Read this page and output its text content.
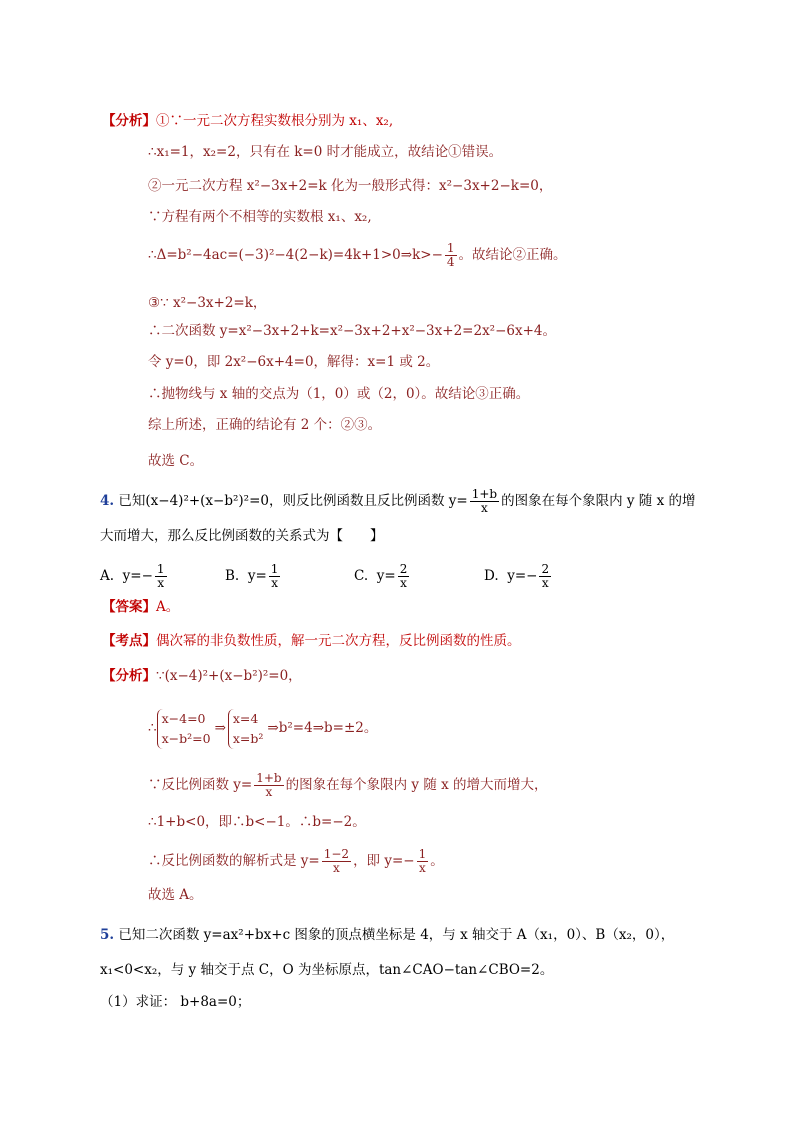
【分析】①∵一元二次方程实数根分别为 x₁、x₂,
∴x₁=1，x₂=2，只有在 k=0 时才能成立，故结论①错误。
②一元二次方程 x²−3x+2=k 化为一般形式得：x²−3x+2−k=0，
∵方程有两个不相等的实数根 x₁、x₂,
∴Δ=b²−4ac=(−3)²−4(2−k)=4k+1>0⇒k>− $\frac{1}{4}$ 。故结论②正确。
③∵ x²−3x+2=k，
∴二次函数 y=x²−3x+2+k=x²−3x+2+x²−3x+2=2x²−6x+4。
令 y=0，即 2x²−6x+4=0，解得：x=1 或 2。
∴抛物线与 x 轴的交点为（1，0）或（2，0）。故结论③正确。
综上所述，正确的结论有 2 个：②③。
故选 C。
4. 已知(x−4)²+(x−b²)²=0，则反比例函数且反比例函数 $y= \frac{1+b}{x}$ 的图象在每个象限内 y 随 x 的增
大而增大，那么反比例函数的关系式为【　　】
A. $y=- \frac{1}{x}$	B. $y= \frac{1}{x}$	C. $y= \frac{2}{x}$	D. $y=- \frac{2}{x}$
【答案】A。
【考点】偶次幂的非负数性质，解一元二次方程，反比例函数的性质。
【分析】∵(x−4)²+(x−b²)²=0，
∴
x−4=0
x−b²=0
⇒
x=4
x=b²
⇒b²=4⇒b=±2。
∵反比例函数 $y= \frac{1+b}{x}$ 的图象在每个象限内 y 随 x 的增大而增大，
∴1+b<0，即∴b<−1。∴b=−2。
∴反比例函数的解析式是 $y= \frac{1-2}{x}$ ，即 $y=- \frac{1}{x}$ 。
故选 A。
5. 已知二次函数 y=ax²+bx+c 图象的顶点横坐标是 4，与 x 轴交于 A（x₁，0）、B（x₂，0），
x₁<0<x₂，与 y 轴交于点 C，O 为坐标原点，tan∠CAO−tan∠CBO=2。
（1）求证： b+8a=0；
